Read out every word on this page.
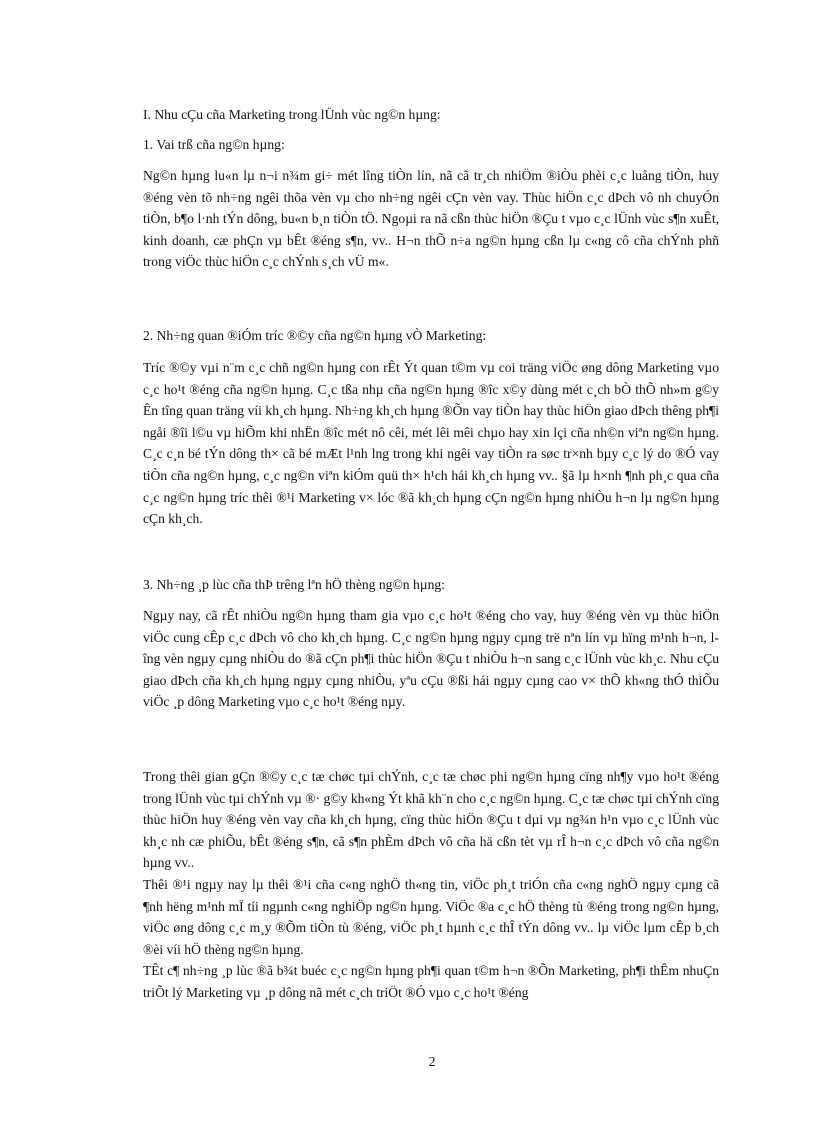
I. Nhu cÇu cña Marketing trong lÜnh vùc ng©n hµng:

1. Vai trß cña ng©n hµng:

Ng©n hµng lu«n lµ n¬i n¾m gi÷ mét lîng tiÒn lín, nã cã tr¸ch nhiÖm ®iÒu phèi c¸c luång tiÒn, huy ®éng vèn tõ nh÷ng ngêi thõa vèn vµ cho nh÷ng ngêi cÇn vèn vay. Thùc hiÖn c¸c dÞch vô nh chuyÓn tiÒn, b¶o l·nh tÝn dông, bu«n b¸n tiÒn tÖ. Ngoµi ra nã cßn thùc hiÖn ®Çu t vµo c¸c lÜnh vùc s¶n xuÊt, kinh doanh, cæ phÇn vµ bÊt ®éng s¶n, vv.. H¬n thÕ n÷a ng©n hµng cßn lµ c«ng cô cña chÝnh phñ trong viÖc thùc hiÖn c¸c chÝnh s¸ch vÜ m«.

2. Nh÷ng quan ®iÓm tríc ®©y cña ng©n hµng vÒ Marketing:

Tríc ®©y vµi n¨m c¸c chñ ng©n hµng con rÊt Ýt quan t©m vµ coi träng viÖc øng dông Marketing vµo c¸c ho¹t ®éng cña ng©n hµng. C¸c tßa nhµ cña ng©n hµng ®îc x©y dùng mét c¸ch bÒ thÕ nh»m g©y Ên tîng quan träng víi kh¸ch hµng. Nh÷ng kh¸ch hµng ®Õn vay tiÒn hay thùc hiÖn giao dÞch thêng ph¶i ngåi ®îi l©u vµ hiÕm khi nhËn ®îc mét nô cêi, mét lêi mêi chµo hay xin lçi cña nh©n viªn ng©n hµng. C¸c c¸n bé tÝn dông th× cã bé mÆt l¹nh lng trong khi ngêi vay tiÒn ra søc tr×nh bµy c¸c lý do ®Ó vay tiÒn cña ng©n hµng, c¸c ng©n viªn kiÓm quü th× h¹ch hái kh¸ch hµng vv.. §ã lµ h×nh ¶nh ph¸c qua cña c¸c ng©n hµng tríc thêi ®¹i Marketing v× lóc ®ã kh¸ch hµng cÇn ng©n hµng nhiÒu h¬n lµ ng©n hµng cÇn kh¸ch.

3. Nh÷ng ¸p lùc cña thÞ trêng lªn hÖ thèng ng©n hµng:

Ngµy nay, cã rÊt nhiÒu ng©n hµng tham gia vµo c¸c ho¹t ®éng cho vay, huy ®éng vèn vµ thùc hiÖn viÖc cung cÊp c¸c dÞch vô cho kh¸ch hµng. C¸c ng©n hµng ngµy cµng trë nªn lín vµ hïng m¹nh h¬n, lîng vèn ngµy cµng nhiÒu do ®ã cÇn ph¶i thùc hiÖn ®Çu t nhiÒu h¬n sang c¸c lÜnh vùc kh¸c. Nhu cÇu giao dÞch cña kh¸ch hµng ngµy cµng nhiÒu, yªu cÇu ®ßi hái ngµy cµng cao v× thÕ kh«ng thÓ thiÕu viÖc ¸p dông Marketing vµo c¸c ho¹t ®éng nµy.

Trong thêi gian gÇn ®©y c¸c tæ chøc tµi chÝnh, c¸c tæ chøc phi ng©n hµng cïng nh¶y vµo ho¹t ®éng trong lÜnh vùc tµi chÝnh vµ ®· g©y kh«ng Ýt khã kh¨n cho c¸c ng©n hµng. C¸c tæ chøc tµi chÝnh cïng thùc hiÖn huy ®éng vèn vay cña kh¸ch hµng, cïng thùc hiÖn ®Çu t dµi vµ ng¾n h¹n vµo c¸c lÜnh vùc kh¸c nh cæ phiÕu, bÊt ®éng s¶n, cã s¶n phÈm dÞch vô cña hä cßn tèt vµ rÎ h¬n c¸c dÞch vô cña ng©n hµng vv..

Thêi ®¹i ngµy nay lµ thêi ®¹i cña c«ng nghÖ th«ng tin, viÖc ph¸t triÓn cña c«ng nghÖ ngµy cµng cã ¶nh hëng m¹nh mÏ tíi ngµnh c«ng nghiÖp ng©n hµng. ViÖc ®a c¸c hÖ thèng tù ®éng trong ng©n hµng, viÖc øng dông c¸c m¸y ®Õm tiÒn tù ®éng, viÖc ph¸t hµnh c¸c thÎ tÝn dông vv.. lµ viÖc lµm cÊp b¸ch ®èi víi hÖ thèng ng©n hµng.

TÊt c¶ nh÷ng ¸p lùc ®ã b¾t buéc c¸c ng©n hµng ph¶i quan t©m h¬n ®Õn Marketing, ph¶i thÊm nhuÇn triÕt lý Marketing vµ ¸p dông nã mét c¸ch triÖt ®Ó vµo c¸c ho¹t ®éng

2
